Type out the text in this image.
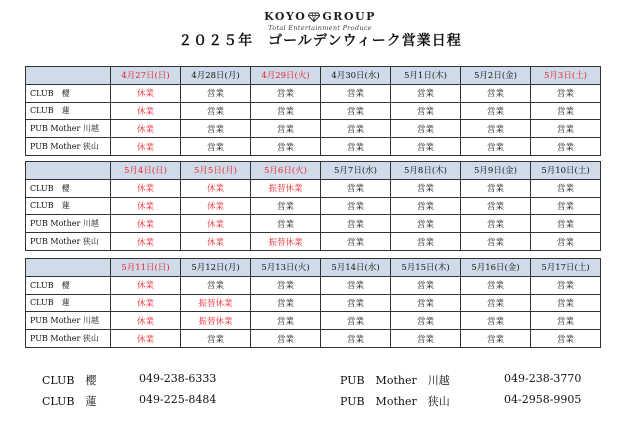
KOYO GROUP
Total Entertainment Produce
２０２５年　ゴールデンウィーク営業日程
	4月27日(日)	4月28日(月)	4月29日(火)	4月30日(水)	5月1日(木)	5月2日(金)	5月3日(土)
CLUB　櫻	休業	営業	営業	営業	営業	営業	営業
CLUB　蓮	休業	営業	営業	営業	営業	営業	営業
PUB Mother 川越	休業	営業	営業	営業	営業	営業	営業
PUB Mother 狭山	休業	営業	営業	営業	営業	営業	営業
	5月4日(日)	5月5日(月)	5月6日(火)	5月7日(水)	5月8日(木)	5月9日(金)	5月10日(土)
CLUB　櫻	休業	休業	振替休業	営業	営業	営業	営業
CLUB　蓮	休業	休業	営業	営業	営業	営業	営業
PUB Mother 川越	休業	休業	営業	営業	営業	営業	営業
PUB Mother 狭山	休業	休業	振替休業	営業	営業	営業	営業
	5月11日(日)	5月12日(月)	5月13日(火)	5月14日(水)	5月15日(木)	5月16日(金)	5月17日(土)
CLUB　櫻	休業	営業	営業	営業	営業	営業	営業
CLUB　蓮	休業	振替休業	営業	営業	営業	営業	営業
PUB Mother 川越	休業	振替休業	営業	営業	営業	営業	営業
PUB Mother 狭山	休業	営業	営業	営業	営業	営業	営業
CLUB　櫻	049-238-6333
CLUB　蓮	049-225-8484
PUB　Mother　川越	049-238-3770
PUB　Mother　狭山	04-2958-9905
